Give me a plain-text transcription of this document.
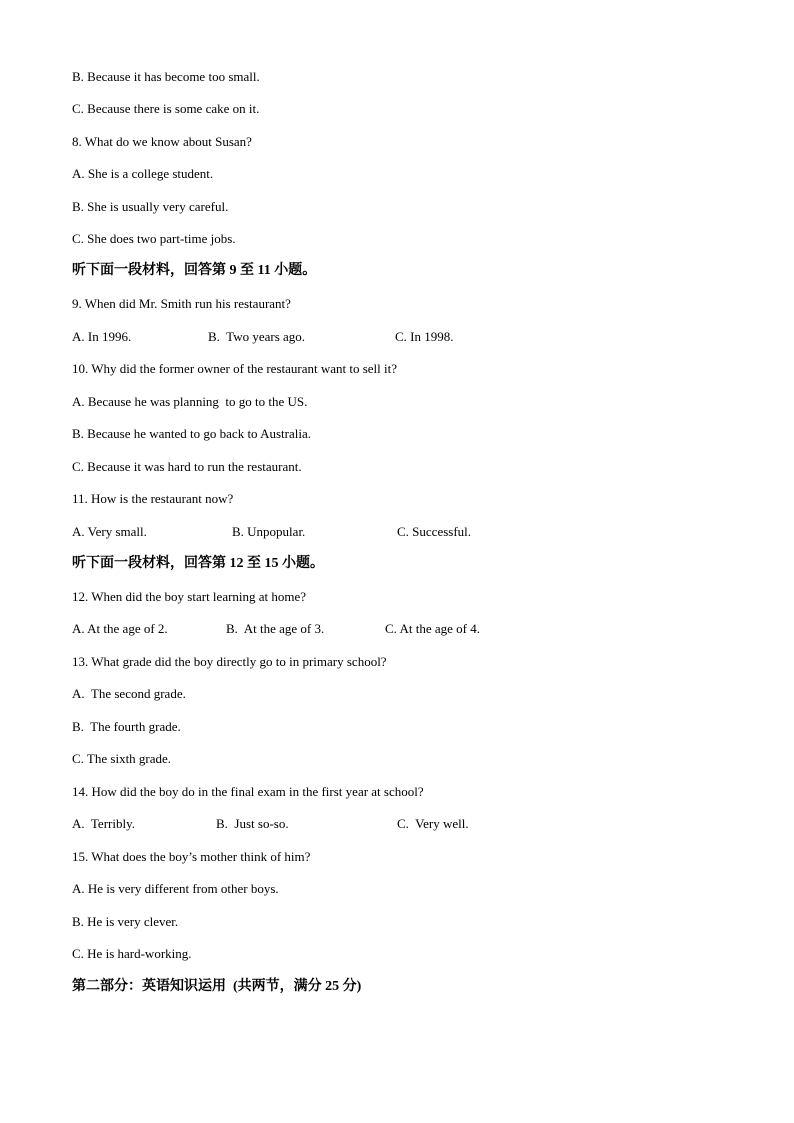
B. Because it has become too small.
C. Because there is some cake on it.
8. What do we know about Susan?
A. She is a college student.
B. She is usually very careful.
C. She does two part-time jobs.
听下面一段材料，回答第 9 至 11 小题。
9. When did Mr. Smith run his restaurant?
A. In 1996.	B.  Two years ago.	C. In 1998.
10. Why did the former owner of the restaurant want to sell it?
A. Because he was planning  to go to the US.
B. Because he wanted to go back to Australia.
C. Because it was hard to run the restaurant.
11. How is the restaurant now?
A. Very small.	B. Unpopular.	C. Successful.
听下面一段材料，回答第 12 至 15 小题。
12. When did the boy start learning at home?
A. At the age of 2.	B.  At the age of 3.	C. At the age of 4.
13. What grade did the boy directly go to in primary school?
A.  The second grade.
B.  The fourth grade.
C. The sixth grade.
14. How did the boy do in the final exam in the first year at school?
A.  Terribly.	B.  Just so-so.	C.  Very well.
15. What does the boy’s mother think of him?
A. He is very different from other boys.
B. He is very clever.
C. He is hard-working.
第二部分：英语知识运用  (共两节，满分 25 分)
